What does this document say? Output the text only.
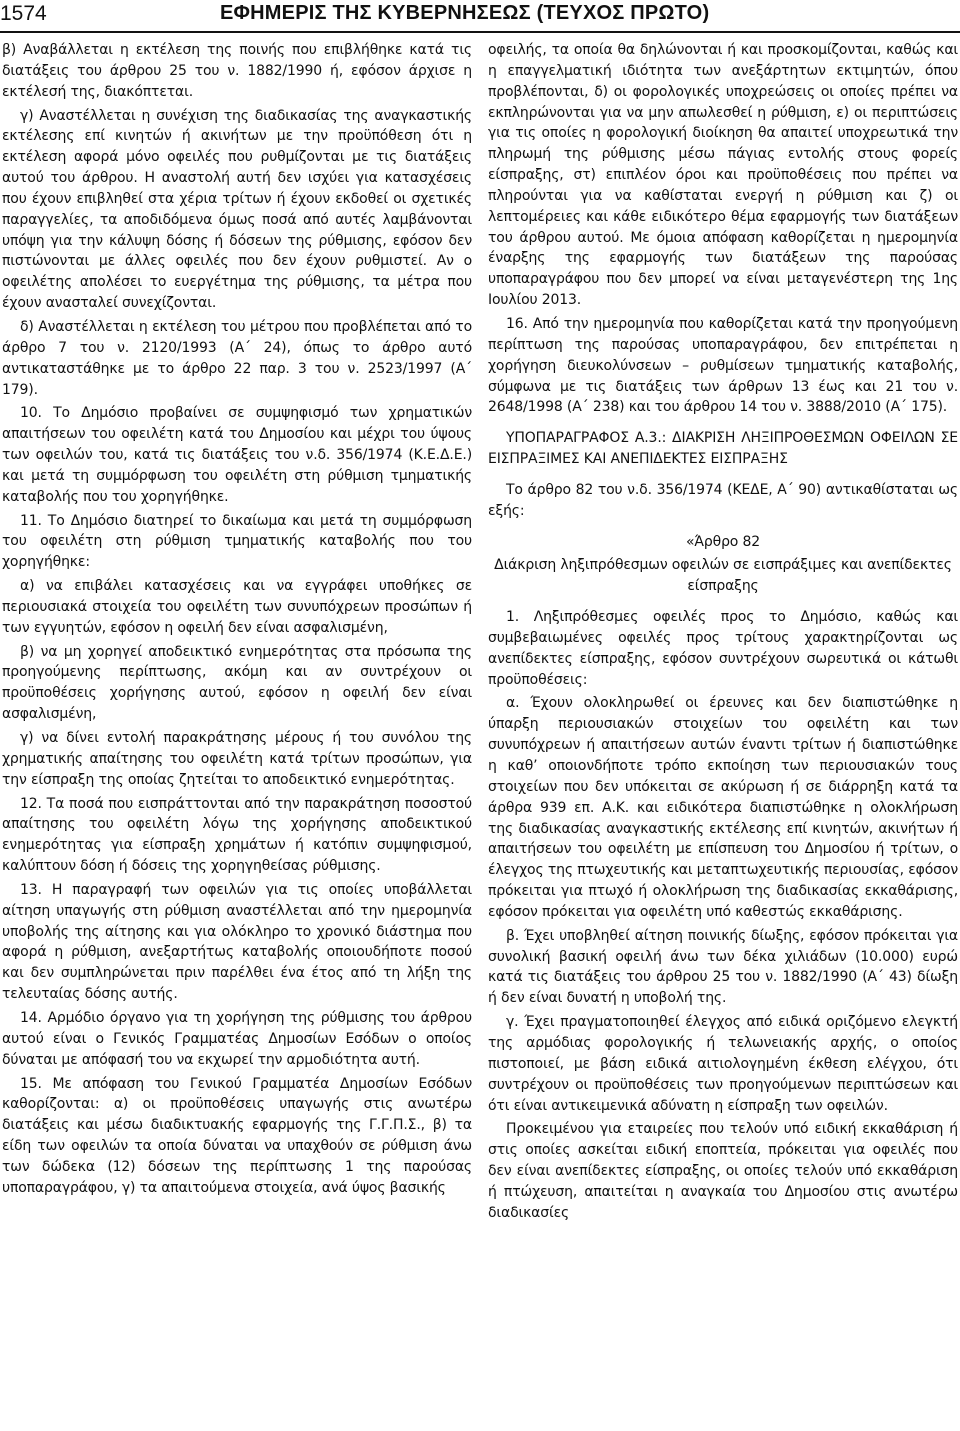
1574	ΕΦΗΜΕΡΙΣ ΤΗΣ ΚΥΒΕΡΝΗΣΕΩΣ (ΤΕΥΧΟΣ ΠΡΩΤΟ)

β) Αναβάλλεται η εκτέλεση της ποινής που επιβλήθηκε κατά τις διατάξεις του άρθρου 25 του ν. 1882/1990 ή, εφόσον άρχισε η εκτέλεσή της, διακόπτεται.

γ) Αναστέλλεται η συνέχιση της διαδικασίας της αναγκαστικής εκτέλεσης επί κινητών ή ακινήτων με την προϋπόθεση ότι η εκτέλεση αφορά μόνο οφειλές που ρυθμίζονται με τις διατάξεις αυτού του άρθρου. Η αναστολή αυτή δεν ισχύει για κατασχέσεις που έχουν επιβληθεί στα χέρια τρίτων ή έχουν εκδοθεί οι σχετικές παραγγελίες, τα αποδιδόμενα όμως ποσά από αυτές λαμβάνονται υπόψη για την κάλυψη δόσης ή δόσεων της ρύθμισης, εφόσον δεν πιστώνονται με άλλες οφειλές που δεν έχουν ρυθμιστεί. Αν ο οφειλέτης απολέσει το ευεργέτημα της ρύθμισης, τα μέτρα που έχουν ανασταλεί συνεχίζονται.

δ) Αναστέλλεται η εκτέλεση του μέτρου που προβλέπεται από το άρθρο 7 του ν. 2120/1993 (Α΄ 24), όπως το άρθρο αυτό αντικαταστάθηκε με το άρθρο 22 παρ. 3 του ν. 2523/1997 (Α΄ 179).

10. Το Δημόσιο προβαίνει σε συμψηφισμό των χρηματικών απαιτήσεων του οφειλέτη κατά του Δημοσίου και μέχρι του ύψους των οφειλών του, κατά τις διατάξεις του ν.δ. 356/1974 (Κ.Ε.Δ.Ε.) και μετά τη συμμόρφωση του οφειλέτη στη ρύθμιση τμηματικής καταβολής που του χορηγήθηκε.

11. Το Δημόσιο διατηρεί το δικαίωμα και μετά τη συμμόρφωση του οφειλέτη στη ρύθμιση τμηματικής καταβολής που του χορηγήθηκε:

α) να επιβάλει κατασχέσεις και να εγγράφει υποθήκες σε περιουσιακά στοιχεία του οφειλέτη των συνυπόχρεων προσώπων ή των εγγυητών, εφόσον η οφειλή δεν είναι ασφαλισμένη,

β) να μη χορηγεί αποδεικτικό ενημερότητας στα πρόσωπα της προηγούμενης περίπτωσης, ακόμη και αν συντρέχουν οι προϋποθέσεις χορήγησης αυτού, εφόσον η οφειλή δεν είναι ασφαλισμένη,

γ) να δίνει εντολή παρακράτησης μέρους ή του συνόλου της χρηματικής απαίτησης του οφειλέτη κατά τρίτων προσώπων, για την είσπραξη της οποίας ζητείται το αποδεικτικό ενημερότητας.

12. Τα ποσά που εισπράττονται από την παρακράτηση ποσοστού απαίτησης του οφειλέτη λόγω της χορήγησης αποδεικτικού ενημερότητας για είσπραξη χρημάτων ή κατόπιν συμψηφισμού, καλύπτουν δόση ή δόσεις της χορηγηθείσας ρύθμισης.

13. Η παραγραφή των οφειλών για τις οποίες υποβάλλεται αίτηση υπαγωγής στη ρύθμιση αναστέλλεται από την ημερομηνία υποβολής της αίτησης και για ολόκληρο το χρονικό διάστημα που αφορά η ρύθμιση, ανεξαρτήτως καταβολής οποιουδήποτε ποσού και δεν συμπληρώνεται πριν παρέλθει ένα έτος από τη λήξη της τελευταίας δόσης αυτής.

14. Αρμόδιο όργανο για τη χορήγηση της ρύθμισης του άρθρου αυτού είναι ο Γενικός Γραμματέας Δημοσίων Εσόδων ο οποίος δύναται με απόφασή του να εκχωρεί την αρμοδιότητα αυτή.

15. Με απόφαση του Γενικού Γραμματέα Δημοσίων Εσόδων καθορίζονται: α) οι προϋποθέσεις υπαγωγής στις ανωτέρω διατάξεις και μέσω διαδικτυακής εφαρμογής της Γ.Γ.Π.Σ., β) τα είδη των οφειλών τα οποία δύναται να υπαχθούν σε ρύθμιση άνω των δώδεκα (12) δόσεων της περίπτωσης 1 της παρούσας υποπαραγράφου, γ) τα απαιτούμενα στοιχεία, ανά ύψος βασικής

οφειλής, τα οποία θα δηλώνονται ή και προσκομίζονται, καθώς και η επαγγελματική ιδιότητα των ανεξάρτητων εκτιμητών, όπου προβλέπονται, δ) οι φορολογικές υποχρεώσεις οι οποίες πρέπει να εκπληρώνονται για να μην απωλεσθεί η ρύθμιση, ε) οι περιπτώσεις για τις οποίες η φορολογική διοίκηση θα απαιτεί υποχρεωτικά την πληρωμή της ρύθμισης μέσω πάγιας εντολής στους φορείς είσπραξης, στ) επιπλέον όροι και προϋποθέσεις που πρέπει να πληρούνται για να καθίσταται ενεργή η ρύθμιση και ζ) οι λεπτομέρειες και κάθε ειδικότερο θέμα εφαρμογής των διατάξεων του άρθρου αυτού. Με όμοια απόφαση καθορίζεται η ημερομηνία έναρξης της εφαρμογής των διατάξεων της παρούσας υποπαραγράφου που δεν μπορεί να είναι μεταγενέστερη της 1ης Ιουλίου 2013.

16. Από την ημερομηνία που καθορίζεται κατά την προηγούμενη περίπτωση της παρούσας υποπαραγράφου, δεν επιτρέπεται η χορήγηση διευκολύνσεων – ρυθμίσεων τμηματικής καταβολής, σύμφωνα με τις διατάξεις των άρθρων 13 έως και 21 του ν. 2648/1998 (Α΄ 238) και του άρθρου 14 του ν. 3888/2010 (Α΄ 175).

ΥΠΟΠΑΡΑΓΡΑΦΟΣ Α.3.: ΔΙΑΚΡΙΣΗ ΛΗΞΙΠΡΟΘΕΣΜΩΝ ΟΦΕΙΛΩΝ ΣΕ ΕΙΣΠΡΑΞΙΜΕΣ ΚΑΙ ΑΝΕΠΙΔΕΚΤΕΣ ΕΙΣΠΡΑΞΗΣ

Το άρθρο 82 του ν.δ. 356/1974 (ΚΕΔΕ, Α΄ 90) αντικαθίσταται ως εξής:

«Άρθρο 82

Διάκριση ληξιπρόθεσμων οφειλών σε εισπράξιμες και ανεπίδεκτες είσπραξης

1. Ληξιπρόθεσμες οφειλές προς το Δημόσιο, καθώς και συμβεβαιωμένες οφειλές προς τρίτους χαρακτηρίζονται ως ανεπίδεκτες είσπραξης, εφόσον συντρέχουν σωρευτικά οι κάτωθι προϋποθέσεις:

α. Έχουν ολοκληρωθεί οι έρευνες και δεν διαπιστώθηκε η ύπαρξη περιουσιακών στοιχείων του οφειλέτη και των συνυπόχρεων ή απαιτήσεων αυτών έναντι τρίτων ή διαπιστώθηκε η καθ’ οποιονδήποτε τρόπο εκποίηση των περιουσιακών τους στοιχείων που δεν υπόκειται σε ακύρωση ή σε διάρρηξη κατά τα άρθρα 939 επ. Α.Κ. και ειδικότερα διαπιστώθηκε η ολοκλήρωση της διαδικασίας αναγκαστικής εκτέλεσης επί κινητών, ακινήτων ή απαιτήσεων του οφειλέτη με επίσπευση του Δημοσίου ή τρίτων, ο έλεγχος της πτωχευτικής και μεταπτωχευτικής περιουσίας, εφόσον πρόκειται για πτωχό ή ολοκλήρωση της διαδικασίας εκκαθάρισης, εφόσον πρόκειται για οφειλέτη υπό καθεστώς εκκαθάρισης.

β. Έχει υποβληθεί αίτηση ποινικής δίωξης, εφόσον πρόκειται για συνολική βασική οφειλή άνω των δέκα χιλιάδων (10.000) ευρώ κατά τις διατάξεις του άρθρου 25 του ν. 1882/1990 (Α΄ 43) δίωξη ή δεν είναι δυνατή η υποβολή της.

γ. Έχει πραγματοποιηθεί έλεγχος από ειδικά οριζόμενο ελεγκτή της αρμόδιας φορολογικής ή τελωνειακής αρχής, ο οποίος πιστοποιεί, με βάση ειδικά αιτιολογημένη έκθεση ελέγχου, ότι συντρέχουν οι προϋποθέσεις των προηγούμενων περιπτώσεων και ότι είναι αντικειμενικά αδύνατη η είσπραξη των οφειλών.

Προκειμένου για εταιρείες που τελούν υπό ειδική εκκαθάριση ή στις οποίες ασκείται ειδική εποπτεία, πρόκειται για οφειλές που δεν είναι ανεπίδεκτες είσπραξης, οι οποίες τελούν υπό εκκαθάριση ή πτώχευση, απαιτείται η αναγκαία του Δημοσίου στις ανωτέρω διαδικασίες
